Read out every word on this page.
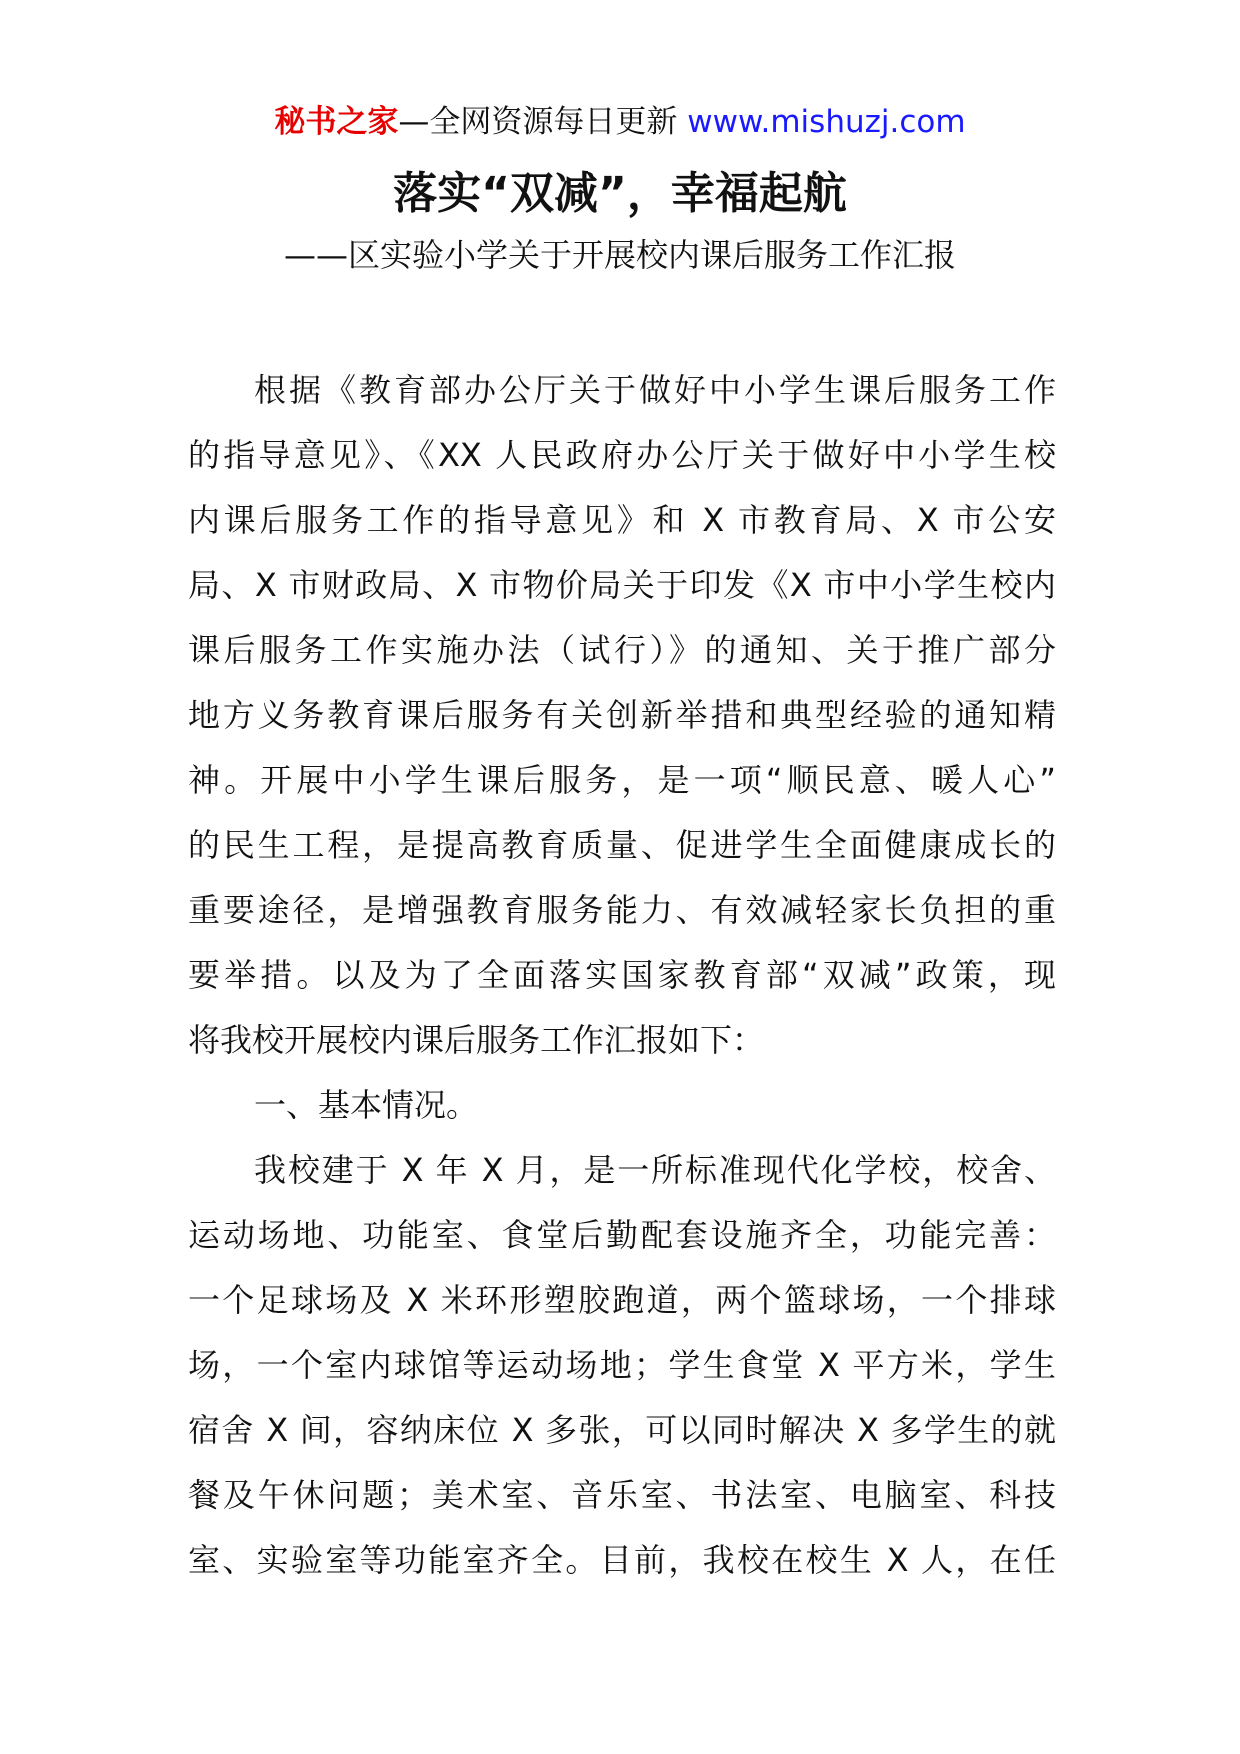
秘书之家—全网资源每日更新 www.mishuzj.com
落实“双减”，幸福起航
——区实验小学关于开展校内课后服务工作汇报
根据《教育部办公厅关于做好中小学生课后服务工作
的指导意见》、《XX 人民政府办公厅关于做好中小学生校
内课后服务工作的指导意见》和 X 市教育局、X 市公安
局、X 市财政局、X 市物价局关于印发《X 市中小学生校内
课后服务工作实施办法（试行）》的通知、关于推广部分
地方义务教育课后服务有关创新举措和典型经验的通知精
神。开展中小学生课后服务，是一项“顺民意、暖人心”
的民生工程，是提高教育质量、促进学生全面健康成长的
重要途径，是增强教育服务能力、有效减轻家长负担的重
要举措。以及为了全面落实国家教育部“双减”政策，现
将我校开展校内课后服务工作汇报如下：
一、基本情况。
我校建于 X 年 X 月，是一所标准现代化学校，校舍、
运动场地、功能室、食堂后勤配套设施齐全，功能完善：
一个足球场及 X 米环形塑胶跑道，两个篮球场，一个排球
场，一个室内球馆等运动场地；学生食堂 X 平方米，学生
宿舍 X 间，容纳床位 X 多张，可以同时解决 X 多学生的就
餐及午休问题；美术室、音乐室、书法室、电脑室、科技
室、实验室等功能室齐全。目前，我校在校生 X 人，在任
